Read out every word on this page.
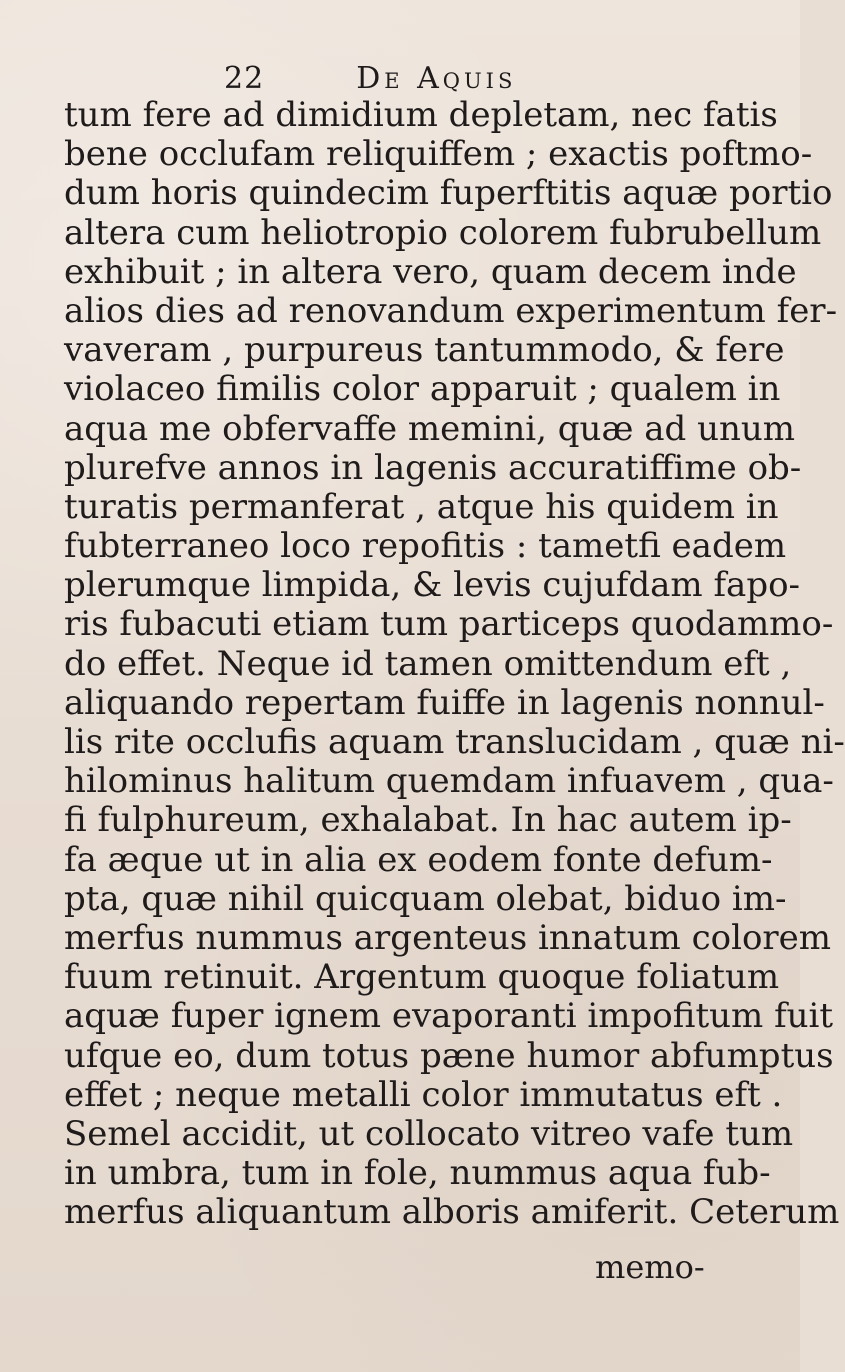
22	De Aquis
tum fere ad dimidium depletam, nec fatis
bene occlufam reliquiffem ; exactis poftmo-
dum horis quindecim fuperftitis aquæ portio
altera cum heliotropio colorem fubrubellum
exhibuit ; in altera vero, quam decem inde
alios dies ad renovandum experimentum fer-
vaveram , purpureus tantummodo, & fere
violaceo fimilis color apparuit ; qualem in
aqua me obfervaffe memini, quæ ad unum
plurefve annos in lagenis accuratiffime ob-
turatis permanferat , atque his quidem in
fubterraneo loco repofitis : tametfi eadem
plerumque limpida, & levis cujufdam fapo-
ris fubacuti etiam tum particeps quodammo-
do effet. Neque id tamen omittendum eft ,
aliquando repertam fuiffe in lagenis nonnul-
lis rite occlufis aquam translucidam , quæ ni-
hilominus halitum quemdam infuavem , qua-
fi fulphureum, exhalabat. In hac autem ip-
fa æque ut in alia ex eodem fonte defum-
pta, quæ nihil quicquam olebat, biduo im-
merfus nummus argenteus innatum colorem
fuum retinuit. Argentum quoque foliatum
aquæ fuper ignem evaporanti impofitum fuit
ufque eo, dum totus pæne humor abfumptus
effet ; neque metalli color immutatus eft .
Semel accidit, ut collocato vitreo vafe tum
in umbra, tum in fole, nummus aqua fub-
merfus aliquantum alboris amiferit. Ceterum
memo-
